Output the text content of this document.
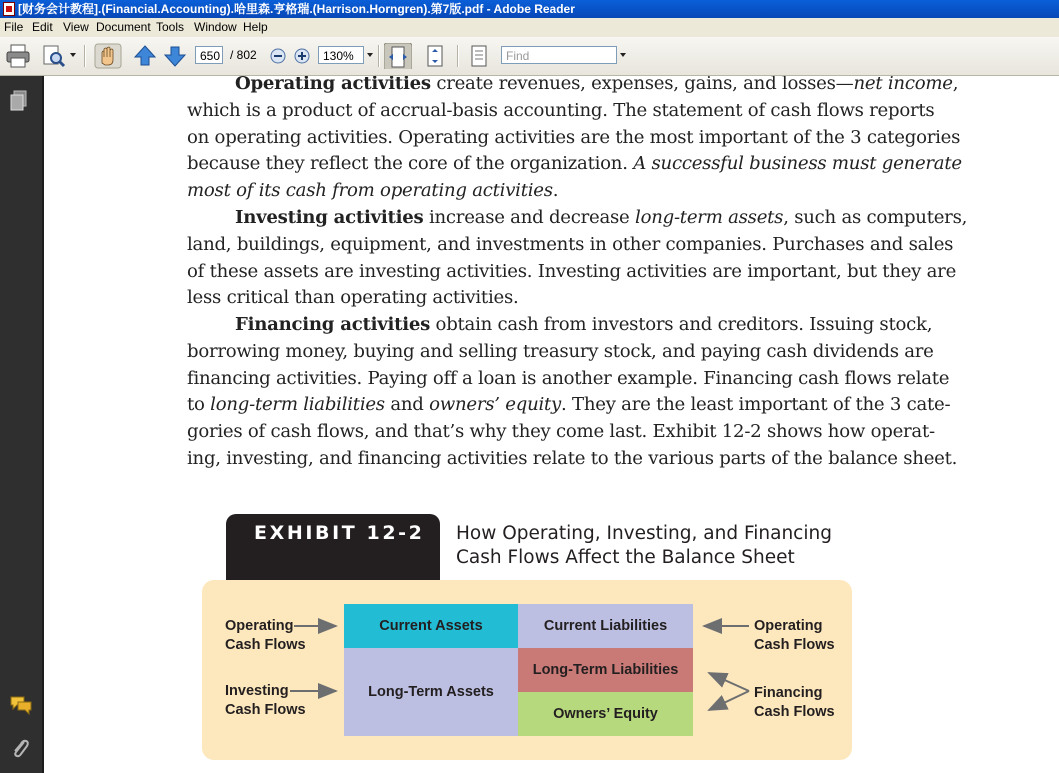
[财务会计教程].(Financial.Accounting).哈里森.亨格瑞.(Harrison.Horngren).第7版.pdf - Adobe Reader
File Edit View Document Tools Window Help
650 / 802	130%	Find
Operating activities create revenues, expenses, gains, and losses—net income,
which is a product of accrual-basis accounting. The statement of cash flows reports
on operating activities. Operating activities are the most important of the 3 categories
because they reflect the core of the organization. A successful business must generate
most of its cash from operating activities.
Investing activities increase and decrease long-term assets, such as computers,
land, buildings, equipment, and investments in other companies. Purchases and sales
of these assets are investing activities. Investing activities are important, but they are
less critical than operating activities.
Financing activities obtain cash from investors and creditors. Issuing stock,
borrowing money, buying and selling treasury stock, and paying cash dividends are
financing activities. Paying off a loan is another example. Financing cash flows relate
to long-term liabilities and owners’ equity. They are the least important of the 3 cate-
gories of cash flows, and that’s why they come last. Exhibit 12-2 shows how operat-
ing, investing, and financing activities relate to the various parts of the balance sheet.
EXHIBIT 12-2 How Operating, Investing, and Financing
Cash Flows Affect the Balance Sheet
Current Assets
Long-Term Assets
Current Liabilities
Long-Term Liabilities
Owners’ Equity
Operating
Cash Flows
Investing
Cash Flows
Operating
Cash Flows
Financing
Cash Flows
